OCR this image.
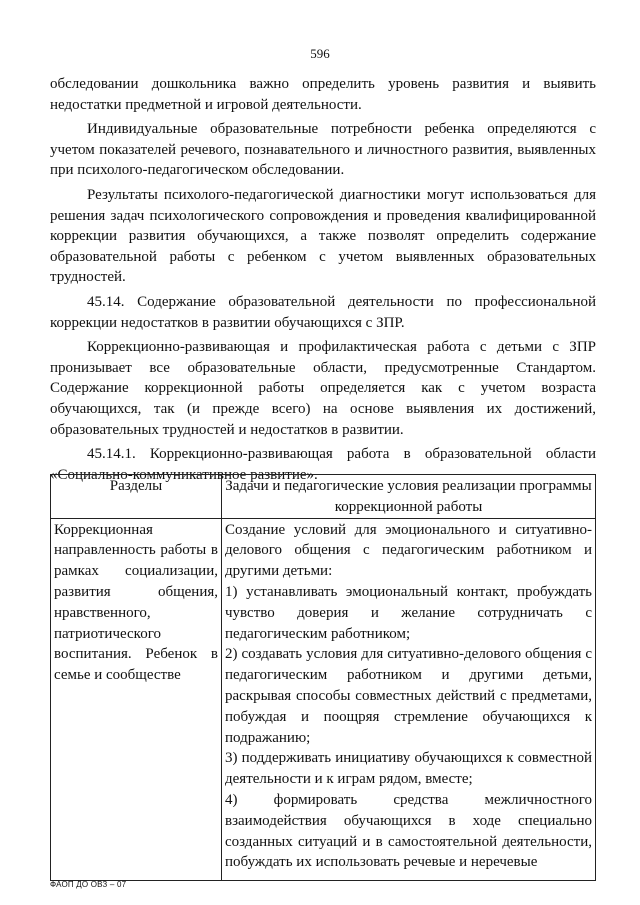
596

обследовании дошкольника важно определить уровень развития и выявить недостатки предметной и игровой деятельности.

Индивидуальные образовательные потребности ребенка определяются с учетом показателей речевого, познавательного и личностного развития, выявленных при психолого-педагогическом обследовании.

Результаты психолого-педагогической диагностики могут использоваться для решения задач психологического сопровождения и проведения квалифицированной коррекции развития обучающихся, а также позволят определить содержание образовательной работы с ребенком с учетом выявленных образовательных трудностей.

45.14. Содержание образовательной деятельности по профессиональной коррекции недостатков в развитии обучающихся с ЗПР.

Коррекционно-развивающая и профилактическая работа с детьми с ЗПР пронизывает все образовательные области, предусмотренные Стандартом. Содержание коррекционной работы определяется как с учетом возраста обучающихся, так (и прежде всего) на основе выявления их достижений, образовательных трудностей и недостатков в развитии.

45.14.1. Коррекционно-развивающая работа в образовательной области «Социально-коммуникативное развитие».

Разделы	Задачи и педагогические условия реализации программы коррекционной работы

Коррекционная направленность работы в рамках социализации, развития общения, нравственного, патриотического воспитания. Ребенок в семье и сообществе	Создание условий для эмоционального и ситуативно-делового общения с педагогическим работником и другими детьми:
1) устанавливать эмоциональный контакт, пробуждать чувство доверия и желание сотрудничать с педагогическим работником;
2) создавать условия для ситуативно-делового общения с педагогическим работником и другими детьми, раскрывая способы совместных действий с предметами, побуждая и поощряя стремление обучающихся к подражанию;
3) поддерживать инициативу обучающихся к совместной деятельности и к играм рядом, вместе;
4) формировать средства межличностного взаимодействия обучающихся в ходе специально созданных ситуаций и в самостоятельной деятельности, побуждать их использовать речевые и неречевые
ФАОП ДО ОВЗ – 07
